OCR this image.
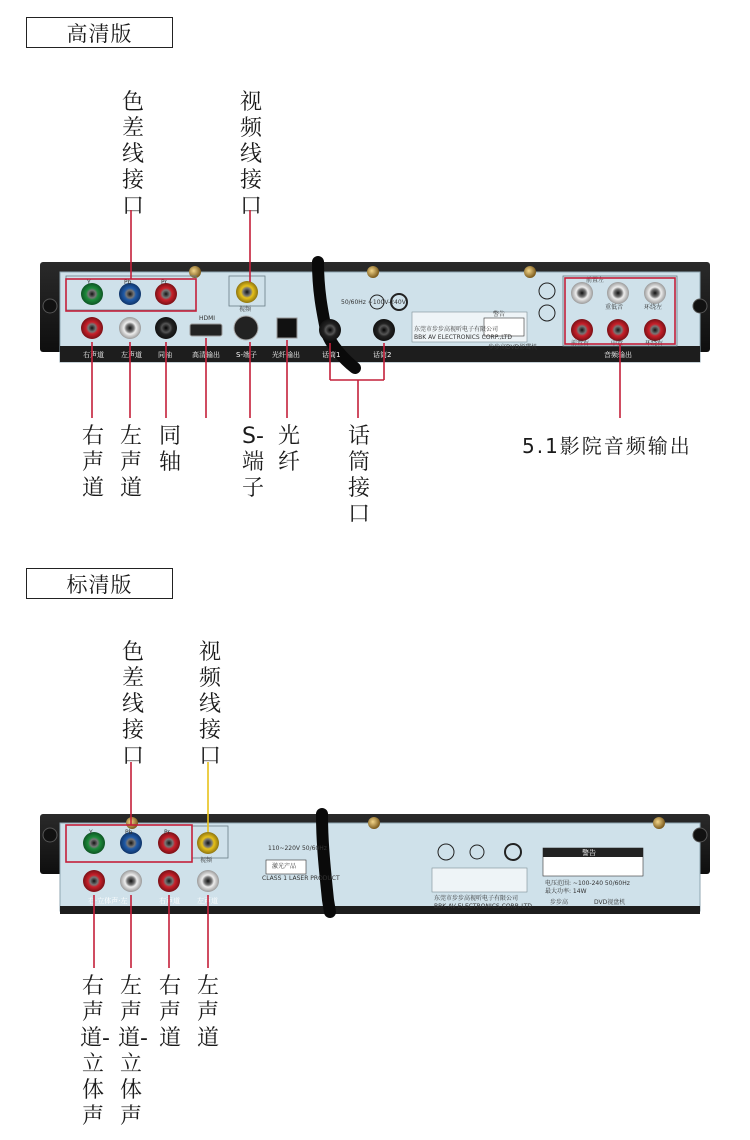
高清版
色差线接口
视频线接口
右声道
左声道
同轴
S-端子
光纤
话筒接口
5.1影院音频输出
标清版
色差线接口
视频线接口
右声道-立体声
左声道-立体声
右声道
左声道
Y	Pb	Pr
HDMI
视频
50/60Hz ~100V-240V
东莞市步步高视听电子有限公司
BBK AV ELECTRONICS CORP.,LTD
警告
步步高 DVD影碟机
前置左
重低音	环绕左
前置右	中置	环绕右
右声道 左声道 同轴	高清输出 S-端子 光纤输出	话筒1	话筒2	音频输出
Y	Pb	Pr
视频
110~220V 50/60Hz
激光产品
CLASS 1 LASER PRODUCT
东莞市步步高视听电子有限公司
BBK AV ELECTRONICS CORP.,LTD
警告
电压范围: ~100-240 50/60Hz
最大功率: 14W
步步高	DVD视盘机
右·立体声·左	右声道 左声道
